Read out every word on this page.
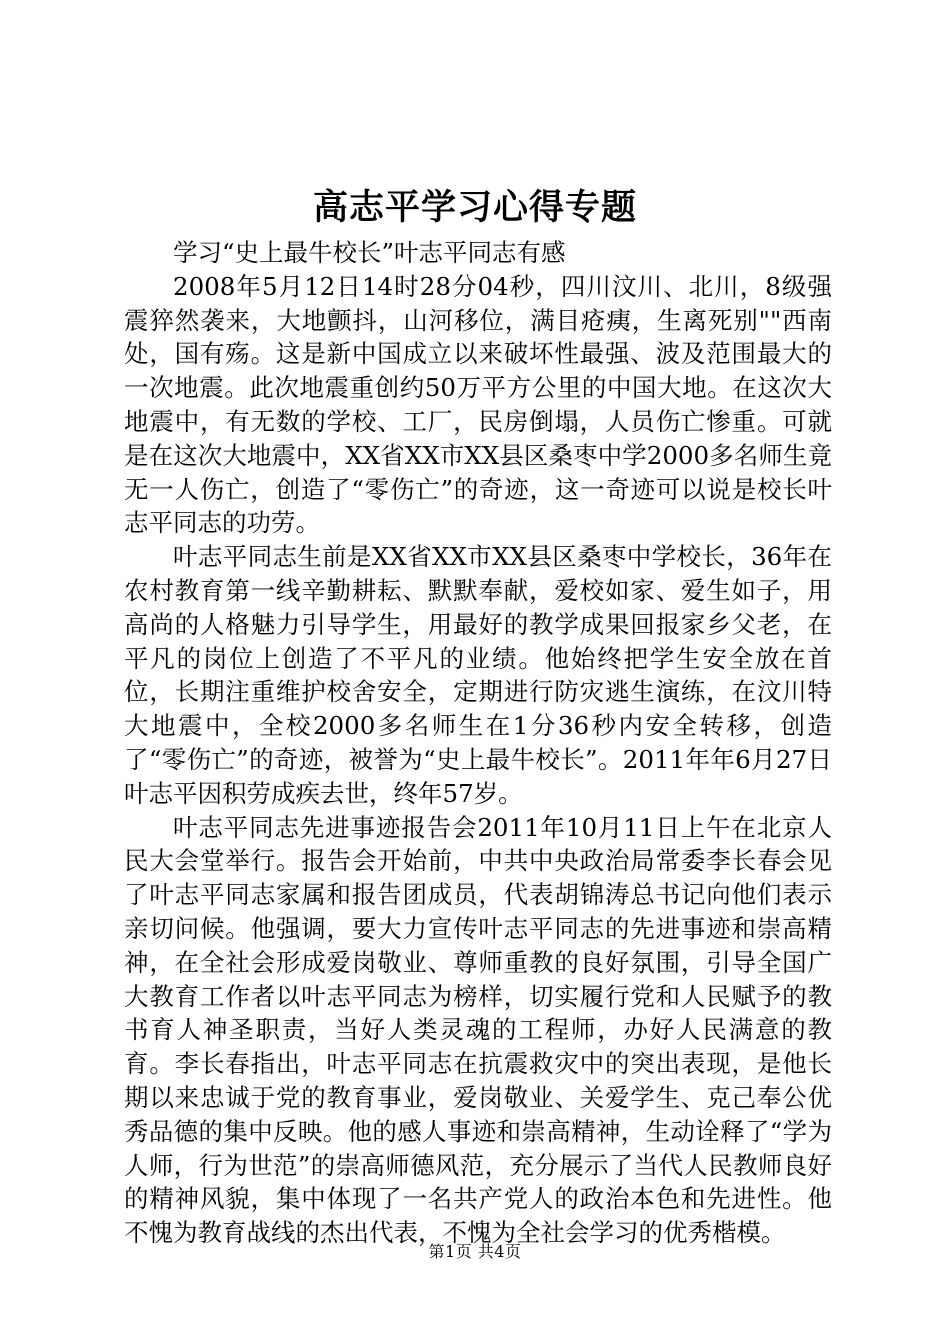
高志平学习心得专题

学习“史上最牛校长”叶志平同志有感

2008年5月12日14时28分04秒，四川汶川、北川，8级强震猝然袭来，大地颤抖，山河移位，满目疮痍，生离死别""西南处，国有殇。这是新中国成立以来破坏性最强、波及范围最大的一次地震。此次地震重创约50万平方公里的中国大地。在这次大地震中，有无数的学校、工厂，民房倒塌，人员伤亡惨重。可就是在这次大地震中，XX省XX市XX县区桑枣中学2000多名师生竟无一人伤亡，创造了“零伤亡”的奇迹，这一奇迹可以说是校长叶志平同志的功劳。

叶志平同志生前是XX省XX市XX县区桑枣中学校长，36年在农村教育第一线辛勤耕耘、默默奉献，爱校如家、爱生如子，用高尚的人格魅力引导学生，用最好的教学成果回报家乡父老，在平凡的岗位上创造了不平凡的业绩。他始终把学生安全放在首位，长期注重维护校舍安全，定期进行防灾逃生演练，在汶川特大地震中，全校2000多名师生在1分36秒内安全转移，创造了“零伤亡”的奇迹，被誉为“史上最牛校长”。2011年年6月27日叶志平因积劳成疾去世，终年57岁。

叶志平同志先进事迹报告会2011年10月11日上午在北京人民大会堂举行。报告会开始前，中共中央政治局常委李长春会见了叶志平同志家属和报告团成员，代表胡锦涛总书记向他们表示亲切问候。他强调，要大力宣传叶志平同志的先进事迹和崇高精神，在全社会形成爱岗敬业、尊师重教的良好氛围，引导全国广大教育工作者以叶志平同志为榜样，切实履行党和人民赋予的教书育人神圣职责，当好人类灵魂的工程师，办好人民满意的教育。李长春指出，叶志平同志在抗震救灾中的突出表现，是他长期以来忠诚于党的教育事业，爱岗敬业、关爱学生、克己奉公优秀品德的集中反映。他的感人事迹和崇高精神，生动诠释了“学为人师，行为世范”的崇高师德风范，充分展示了当代人民教师良好的精神风貌，集中体现了一名共产党人的政治本色和先进性。他不愧为教育战线的杰出代表，不愧为全社会学习的优秀楷模。

第1页 共4页
